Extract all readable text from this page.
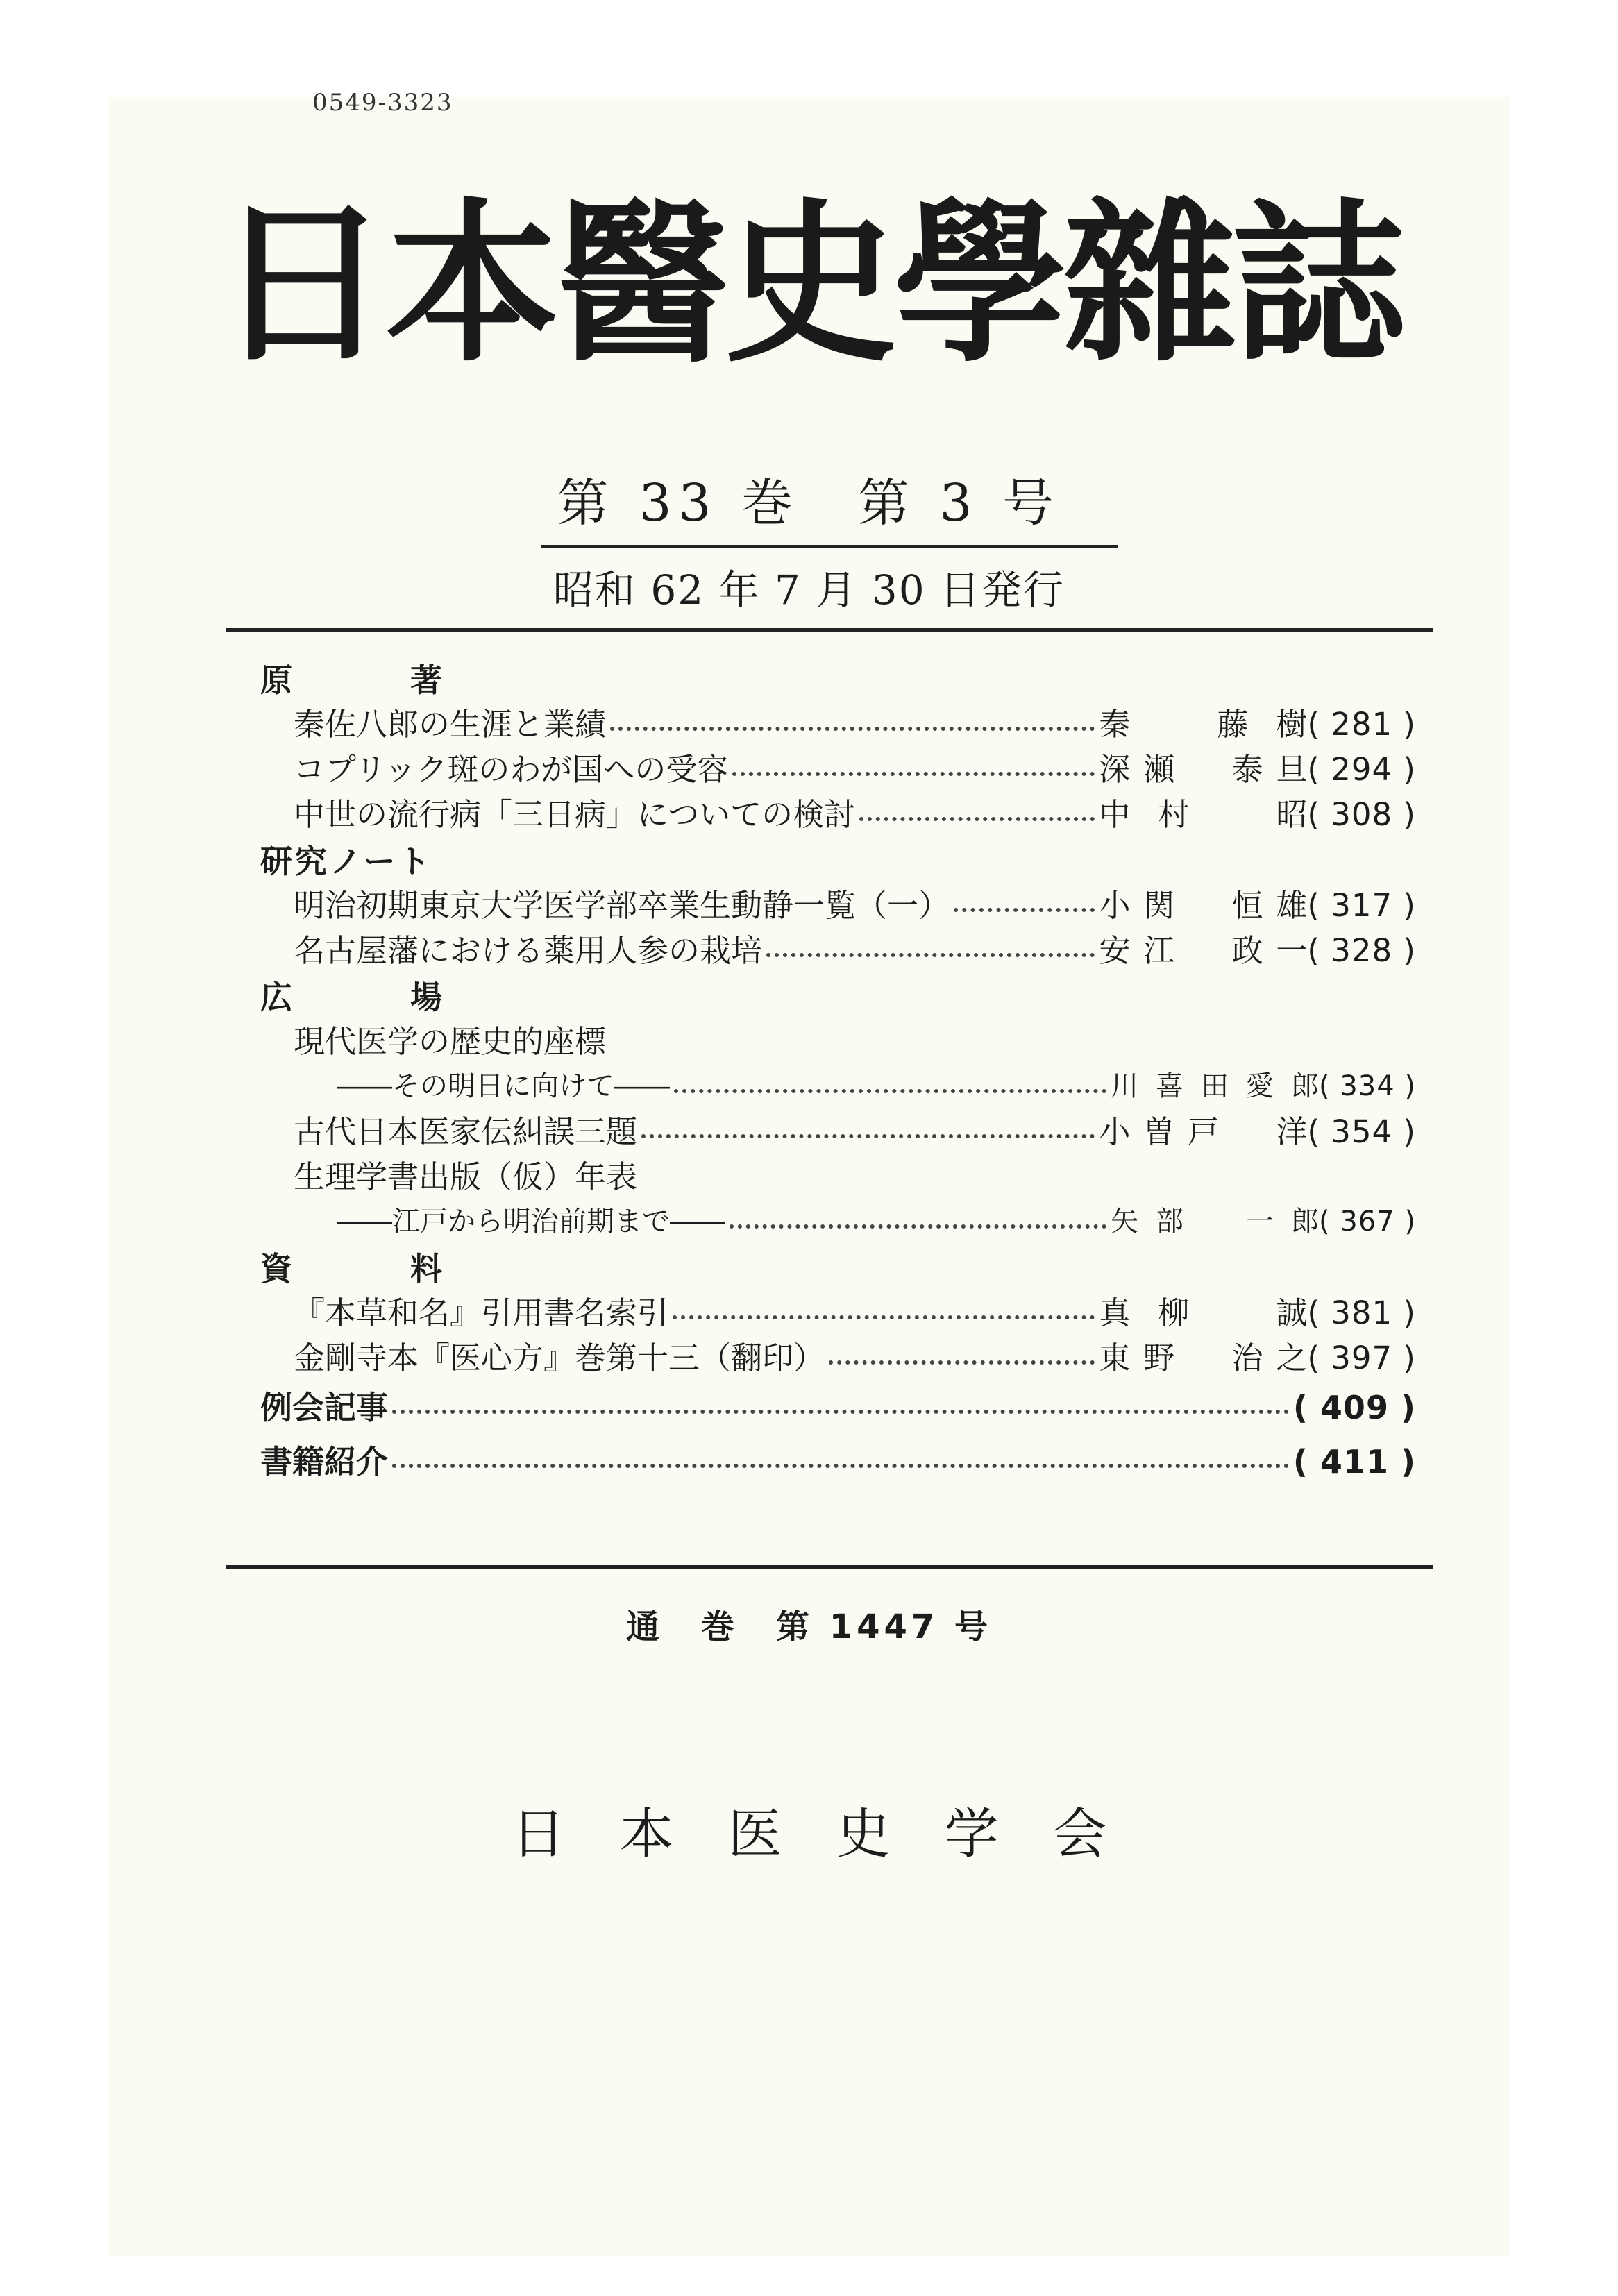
0549-3323
日本醫史學雜誌
第 33 巻　第 3 号
昭和 62 年 7 月 30 日発行
原　著
秦佐八郎の生涯と業績	秦　藤樹 ( 281 )
コプリック斑のわが国への受容	深瀬　泰旦 ( 294 )
中世の流行病「三日病」についての検討	中村　昭 ( 308 )
研究ノート
明治初期東京大学医学部卒業生動静一覧（一）	小関　恒雄 ( 317 )
名古屋藩における薬用人参の栽培	安江　政一 ( 328 )
広　場
現代医学の歴史的座標
――その明日に向けて――	川喜田愛郎 ( 334 )
古代日本医家伝糾誤三題	小曽戸　洋 ( 354 )
生理学書出版（仮）年表
――江戸から明治前期まで――	矢部　一郎 ( 367 )
資　料
『本草和名』引用書名索引	真柳　誠 ( 381 )
金剛寺本『医心方』巻第十三（翻印）	東野　治之 ( 397 )
例会記事	( 409 )
書籍紹介	( 411 )
通　巻　第 1447 号
日本医史学会
